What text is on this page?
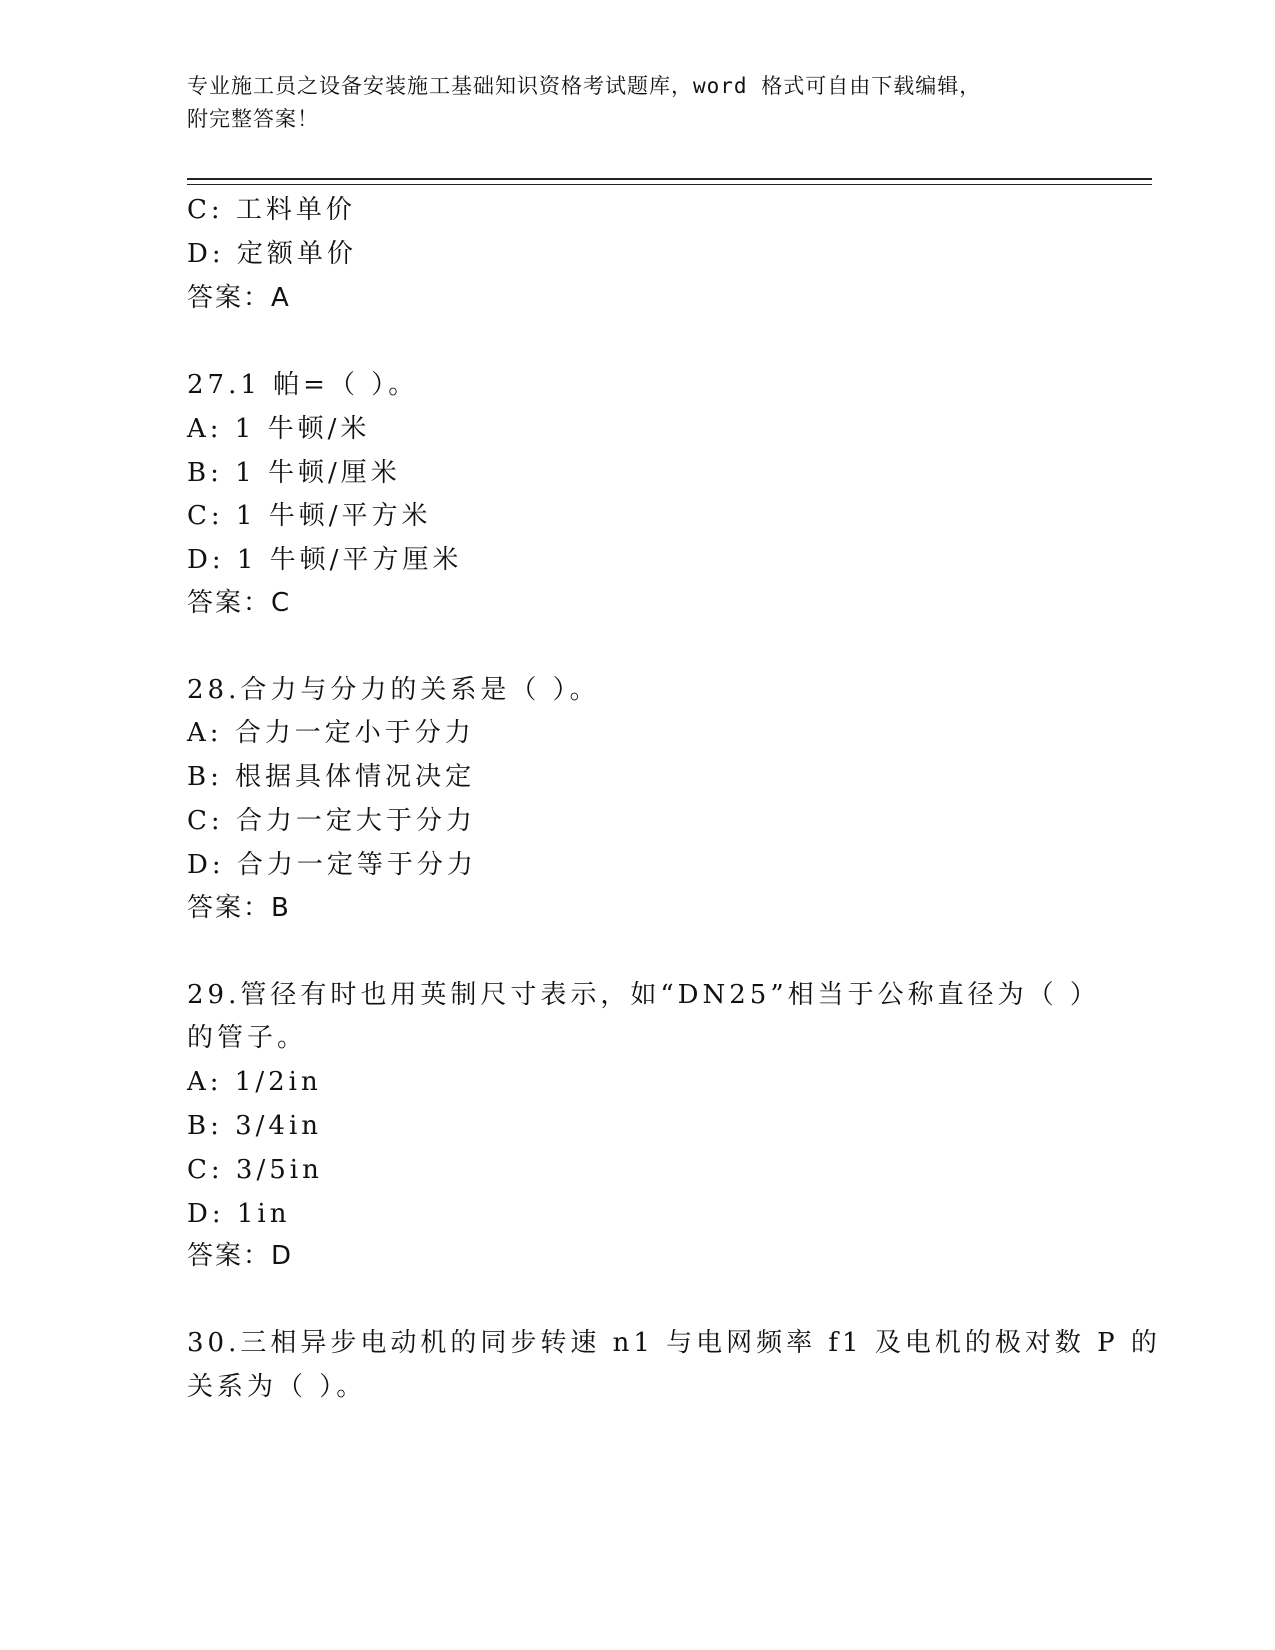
专业施工员之设备安装施工基础知识资格考试题库，word 格式可自由下载编辑，
附完整答案！
C: 工料单价
D: 定额单价
答案：A
27.1 帕=（ ）。
A: 1 牛顿/米
B: 1 牛顿/厘米
C: 1 牛顿/平方米
D: 1 牛顿/平方厘米
答案：C
28.合力与分力的关系是（ ）。
A: 合力一定小于分力
B: 根据具体情况决定
C: 合力一定大于分力
D: 合力一定等于分力
答案：B
29.管径有时也用英制尺寸表示，如“DN25”相当于公称直径为（ ）
的管子。
A: 1/2in
B: 3/4in
C: 3/5in
D: 1in
答案：D
30.三相异步电动机的同步转速 n1 与电网频率 f1 及电机的极对数 P 的
关系为（ ）。
